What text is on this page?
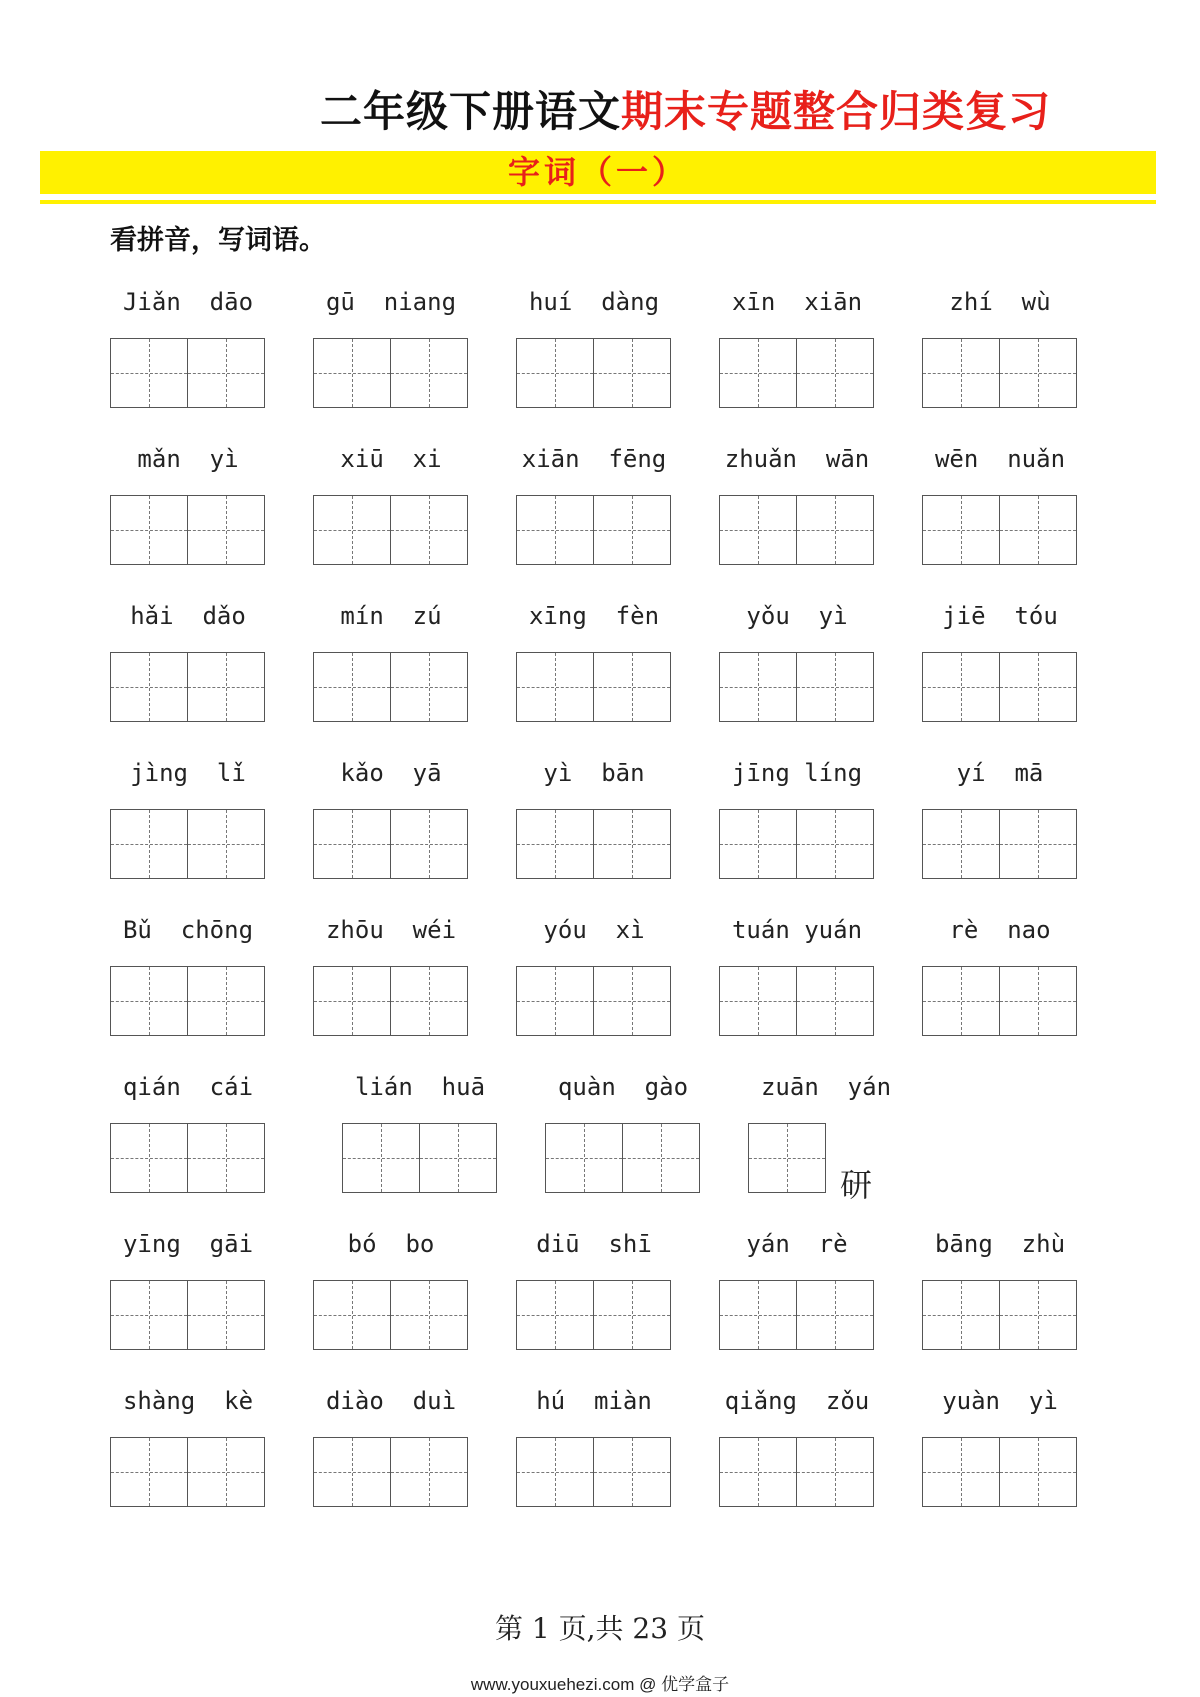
二年级下册语文期末专题整合归类复习
字词（一）
看拼音，写词语。
Jiǎn  dāo	gū  niang	huí  dàng	xīn  xiān	zhí  wù
mǎn  yì	xiū  xi	xiān  fēng	zhuǎn  wān	wēn  nuǎn
hǎi  dǎo	mín  zú	xīng  fèn	yǒu  yì	jiē  tóu
jìng  lǐ	kǎo  yā	yì  bān	jīng líng	yí  mā
Bǔ  chōng	zhōu  wéi	yóu  xì	tuán yuán	rè  nao
qián  cái	lián  huā	quàn  gào	zuān  yán
研
yīng  gāi	bó  bo	diū  shī	yán  rè	bāng  zhù
shàng  kè	diào  duì	hú  miàn	qiǎng  zǒu	yuàn  yì
第 1 页,共 23 页
www.youxuehezi.com @ 优学盒子
